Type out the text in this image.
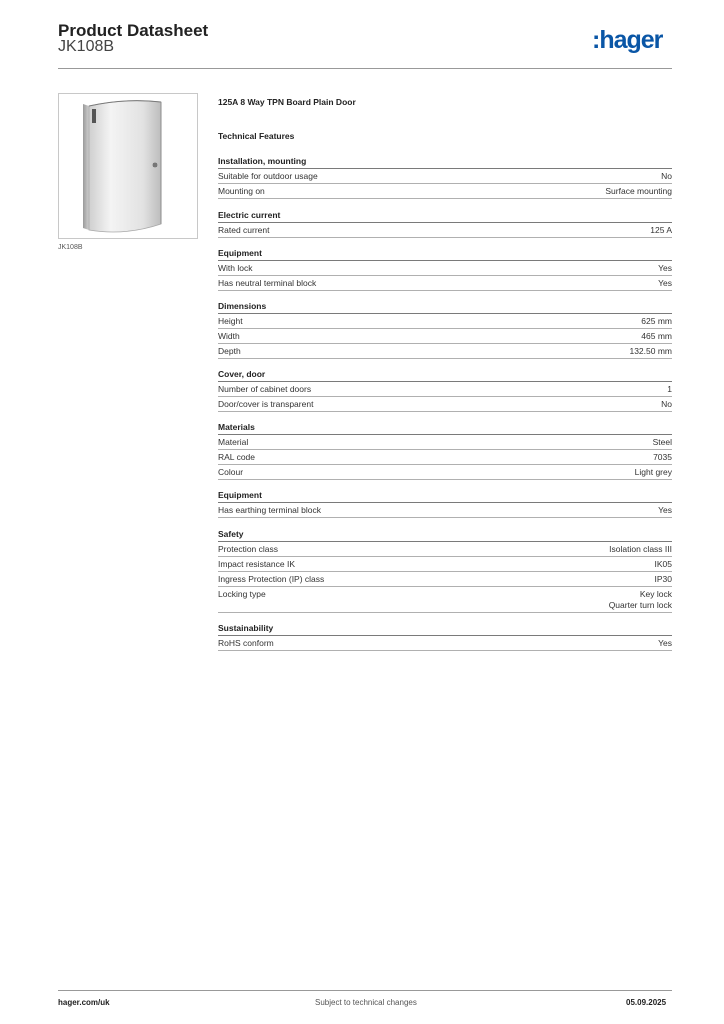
Product Datasheet
JK108B	:hager
JK108B
125A 8 Way TPN Board Plain Door
Technical Features
Installation, mounting
Suitable for outdoor usage	No
Mounting on	Surface mounting
Electric current
Rated current	125 A
Equipment
With lock	Yes
Has neutral terminal block	Yes
Dimensions
Height	625 mm
Width	465 mm
Depth	132.50 mm
Cover, door
Number of cabinet doors	1
Door/cover is transparent	No
Materials
Material	Steel
RAL code	7035
Colour	Light grey
Equipment
Has earthing terminal block	Yes
Safety
Protection class	Isolation class III
Impact resistance IK	IK05
Ingress Protection (IP) class	IP30
Locking type	Key lock
Quarter turn lock
Sustainability
RoHS conform	Yes
hager.com/uk	Subject to technical changes	05.09.2025
